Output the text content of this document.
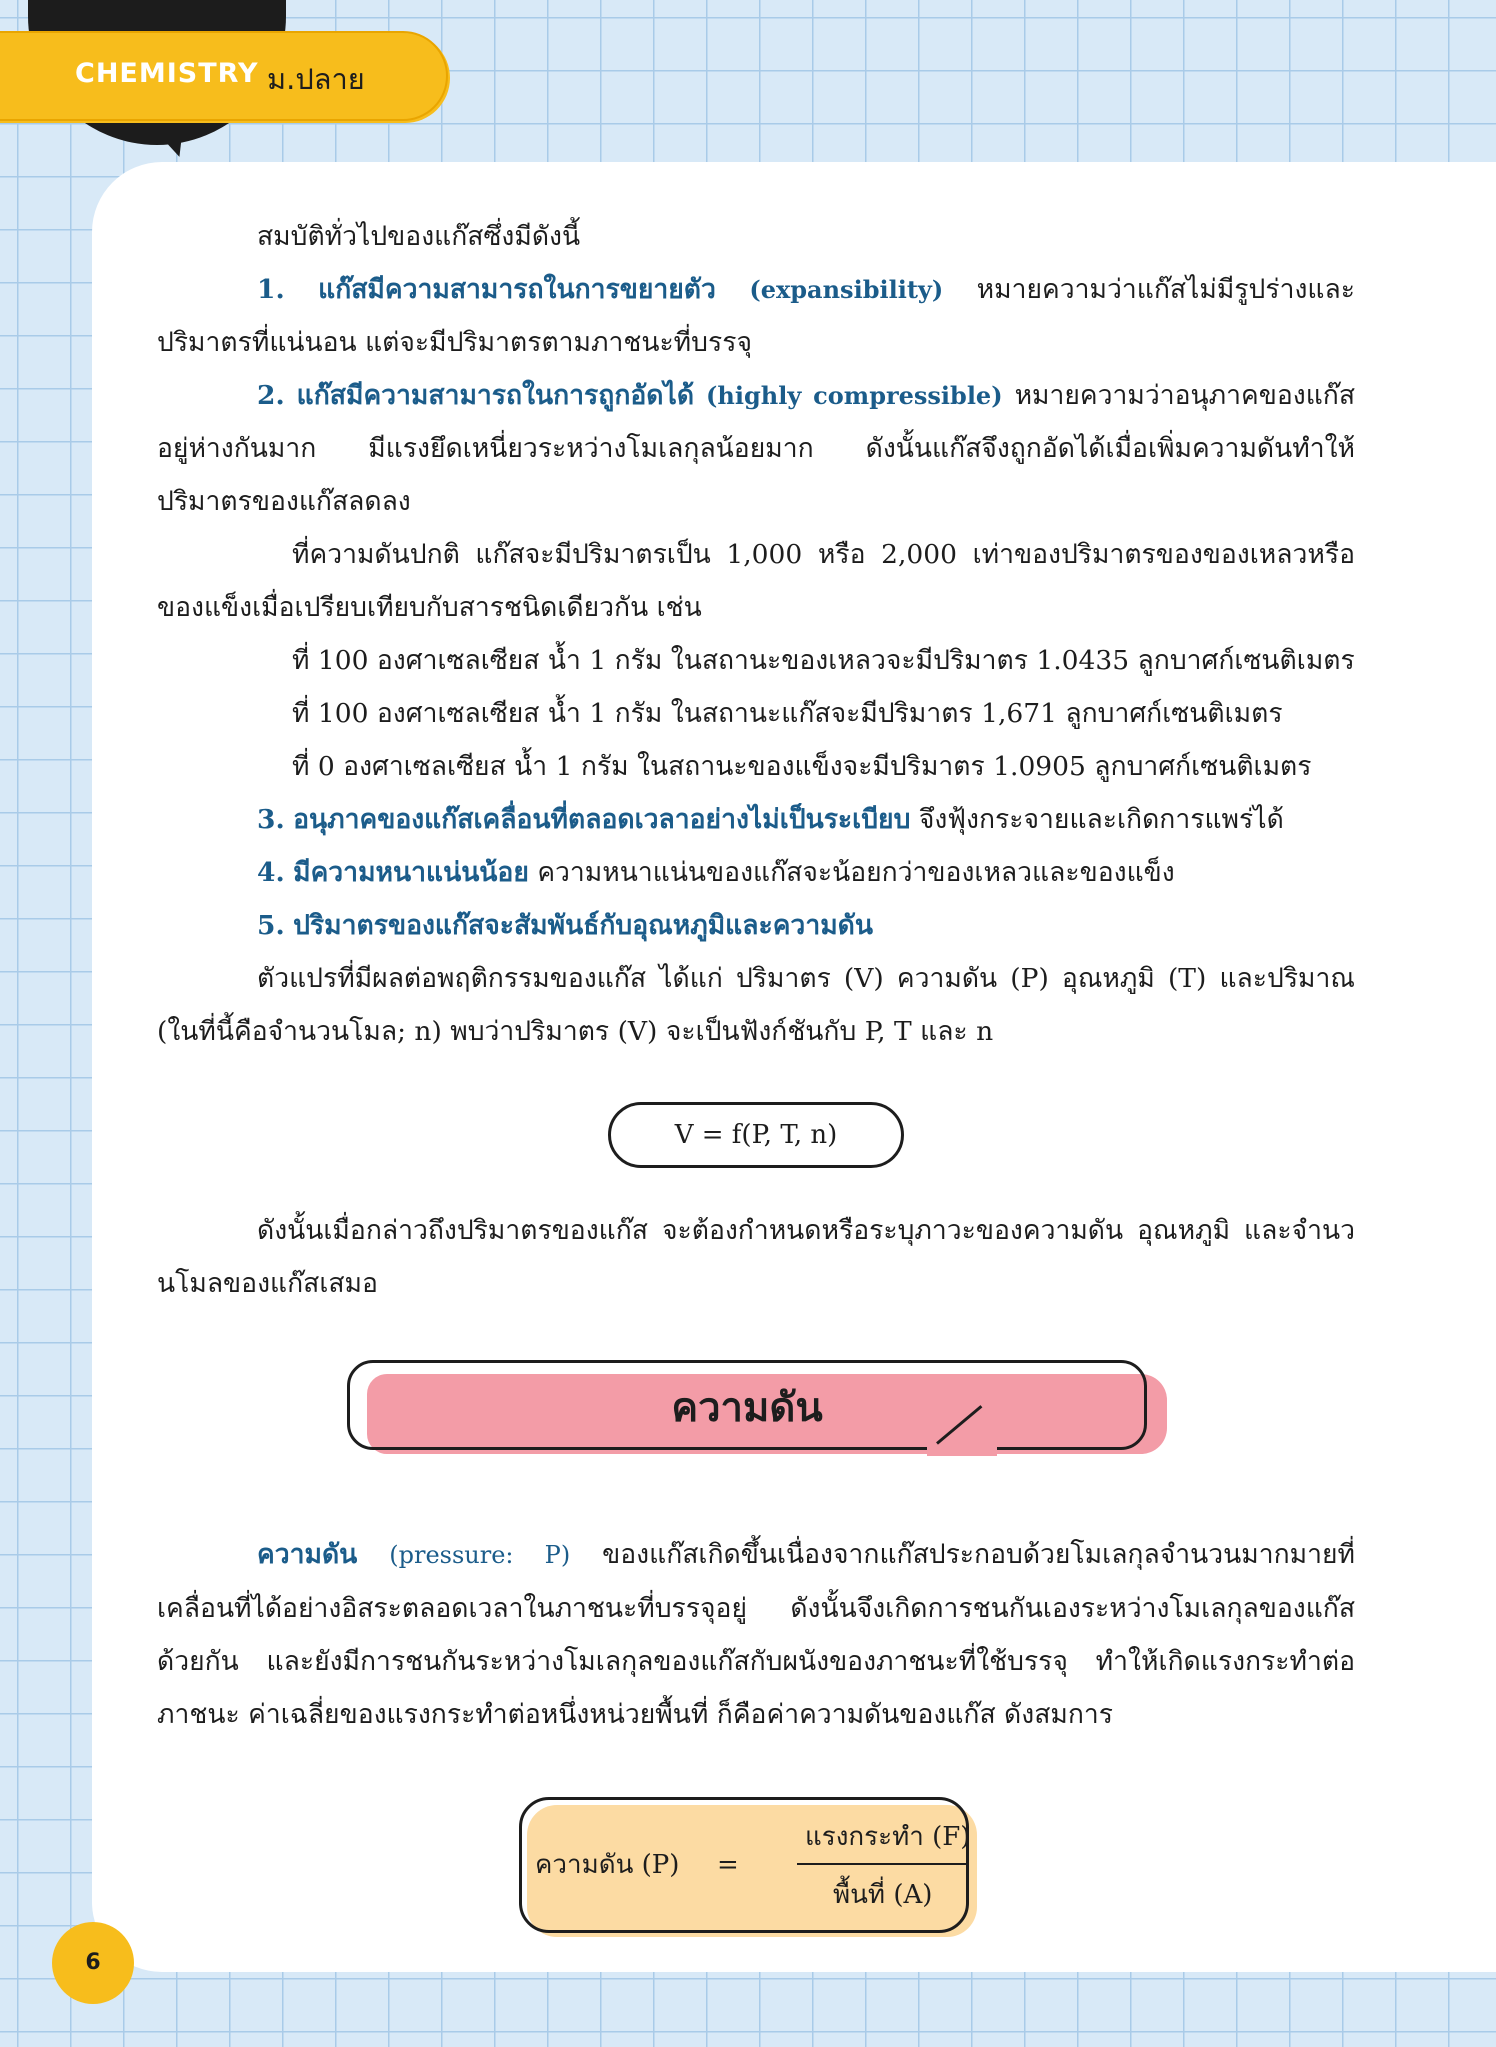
CHEMISTRY ม.ปลาย

สมบัติทั่วไปของแก๊สซึ่งมีดังนี้

1. แก๊สมีความสามารถในการขยายตัว (expansibility) หมายความว่าแก๊สไม่มีรูปร่างและปริมาตรที่แน่นอน แต่จะมีปริมาตรตามภาชนะที่บรรจุ

2. แก๊สมีความสามารถในการถูกอัดได้ (highly compressible) หมายความว่าอนุภาคของแก๊สอยู่ห่างกันมาก มีแรงยึดเหนี่ยวระหว่างโมเลกุลน้อยมาก ดังนั้นแก๊สจึงถูกอัดได้เมื่อเพิ่มความดันทำให้ปริมาตรของแก๊สลดลง

ที่ความดันปกติ แก๊สจะมีปริมาตรเป็น 1,000 หรือ 2,000 เท่าของปริมาตรของของเหลวหรือของแข็งเมื่อเปรียบเทียบกับสารชนิดเดียวกัน เช่น

ที่ 100 องศาเซลเซียส น้ำ 1 กรัม ในสถานะของเหลวจะมีปริมาตร 1.0435 ลูกบาศก์เซนติเมตร

ที่ 100 องศาเซลเซียส น้ำ 1 กรัม ในสถานะแก๊สจะมีปริมาตร 1,671 ลูกบาศก์เซนติเมตร

ที่ 0 องศาเซลเซียส น้ำ 1 กรัม ในสถานะของแข็งจะมีปริมาตร 1.0905 ลูกบาศก์เซนติเมตร

3. อนุภาคของแก๊สเคลื่อนที่ตลอดเวลาอย่างไม่เป็นระเบียบ จึงฟุ้งกระจายและเกิดการแพร่ได้

4. มีความหนาแน่นน้อย ความหนาแน่นของแก๊สจะน้อยกว่าของเหลวและของแข็ง

5. ปริมาตรของแก๊สจะสัมพันธ์กับอุณหภูมิและความดัน

ตัวแปรที่มีผลต่อพฤติกรรมของแก๊ส ได้แก่ ปริมาตร (V) ความดัน (P) อุณหภูมิ (T) และปริมาณ (ในที่นี้คือจำนวนโมล; n) พบว่าปริมาตร (V) จะเป็นฟังก์ชันกับ P, T และ n

V = f(P, T, n)

ดังนั้นเมื่อกล่าวถึงปริมาตรของแก๊ส จะต้องกำหนดหรือระบุภาวะของความดัน อุณหภูมิ และจำนวนโมลของแก๊สเสมอ

ความดัน

ความดัน (pressure: P) ของแก๊สเกิดขึ้นเนื่องจากแก๊สประกอบด้วยโมเลกุลจำนวนมากมายที่เคลื่อนที่ได้อย่างอิสระตลอดเวลาในภาชนะที่บรรจุอยู่ ดังนั้นจึงเกิดการชนกันเองระหว่างโมเลกุลของแก๊สด้วยกัน และยังมีการชนกันระหว่างโมเลกุลของแก๊สกับผนังของภาชนะที่ใช้บรรจุ ทำให้เกิดแรงกระทำต่อภาชนะ ค่าเฉลี่ยของแรงกระทำต่อหนึ่งหน่วยพื้นที่ ก็คือค่าความดันของแก๊ส ดังสมการ

ความดัน (P) =
แรงกระทำ (F)
พื้นที่ (A)
6
